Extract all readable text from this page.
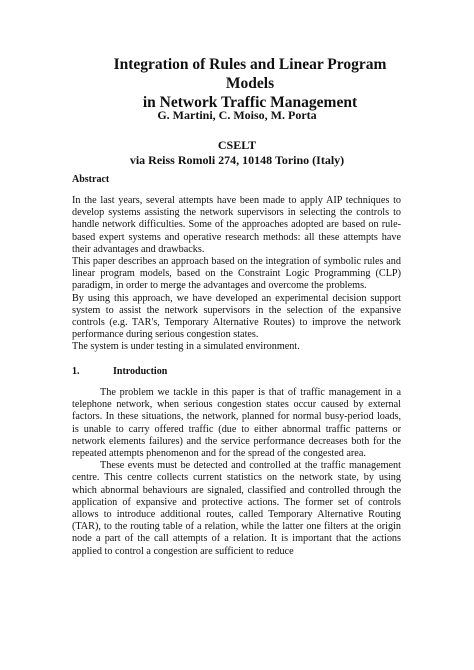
Integration of Rules and Linear Program Models
in Network Traffic Management
G. Martini, C. Moiso, M. Porta
CSELT
via Reiss Romoli 274, 10148 Torino (Italy)
Abstract

In the last years, several attempts have been made to apply AIP techniques to develop systems assisting the network supervisors in selecting the controls to handle network difficulties. Some of the approaches adopted are based on rule-based expert systems and operative research methods: all these attempts have their advantages and drawbacks.

This paper describes an approach based on the integration of symbolic rules and linear program models, based on the Constraint Logic Programming (CLP) paradigm, in order to merge the advantages and overcome the problems.

By using this approach, we have developed an experimental decision support system to assist the network supervisors in the selection of the expansive controls (e.g. TAR's, Temporary Alternative Routes) to improve the network performance during serious congestion states.

The system is under testing in a simulated environment.

1.	Introduction

The problem we tackle in this paper is that of traffic management in a telephone network, when serious congestion states occur caused by external factors. In these situations, the network, planned for normal busy-period loads, is unable to carry offered traffic (due to either abnormal traffic patterns or network elements failures) and the service performance decreases both for the repeated attempts phenomenon and for the spread of the congested area.

These events must be detected and controlled at the traffic management centre. This centre collects current statistics on the network state, by using which abnormal behaviours are signaled, classified and controlled through the application of expansive and protective actions. The former set of controls allows to introduce additional routes, called Temporary Alternative Routing (TAR), to the routing table of a relation, while the latter one filters at the origin node a part of the call attempts of a relation. It is important that the actions applied to control a congestion are sufficient to reduce
